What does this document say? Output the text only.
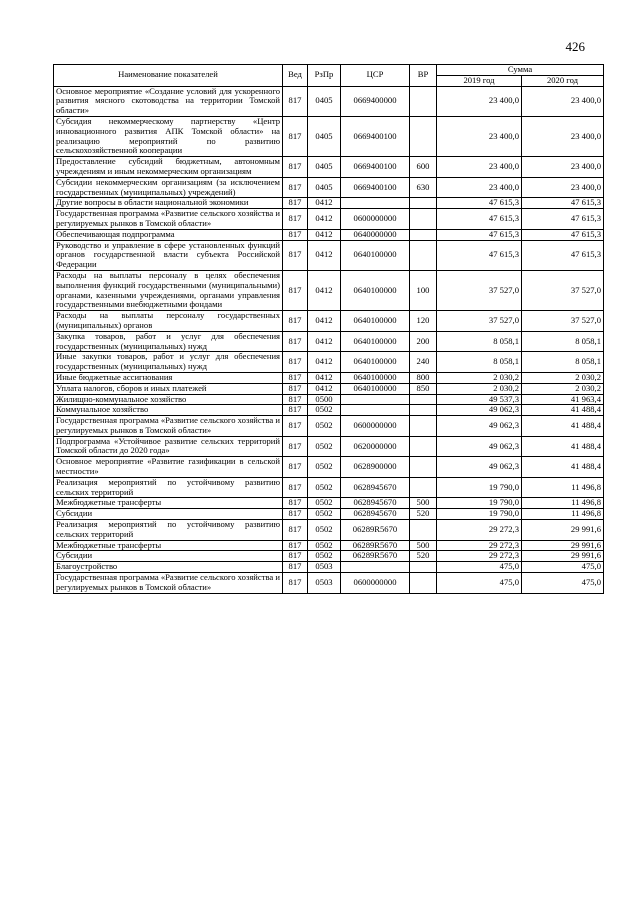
426
Наименование показателей	Вед	РзПр	ЦСР	ВР	Сумма	
					2019 год	2020 год
Основное мероприятие «Создание условий для ускоренного развития мясного скотоводства на территории Томской области»	817	0405	0669400000		23 400,0	23 400,0
Субсидия некоммерческому партнерству «Центр инновационного развития АПК Томской области» на реализацию мероприятий по развитию сельскохозяйственной кооперации	817	0405	0669400100		23 400,0	23 400,0
Предоставление субсидий бюджетным, автономным учреждениям и иным некоммерческим организациям	817	0405	0669400100	600	23 400,0	23 400,0
Субсидии некоммерческим организациям (за исключением государственных (муниципальных) учреждений)	817	0405	0669400100	630	23 400,0	23 400,0
Другие вопросы в области национальной экономики	817	0412			47 615,3	47 615,3
Государственная программа «Развитие сельского хозяйства и регулируемых рынков в Томской области»	817	0412	0600000000		47 615,3	47 615,3
Обеспечивающая подпрограмма	817	0412	0640000000		47 615,3	47 615,3
Руководство и управление в сфере установленных функций органов государственной власти субъекта Российской Федерации	817	0412	0640100000		47 615,3	47 615,3
Расходы на выплаты персоналу в целях обеспечения выполнения функций государственными (муниципальными) органами, казенными учреждениями, органами управления государственными внебюджетными фондами	817	0412	0640100000	100	37 527,0	37 527,0
Расходы на выплаты персоналу государственных (муниципальных) органов	817	0412	0640100000	120	37 527,0	37 527,0
Закупка товаров, работ и услуг для обеспечения государственных (муниципальных) нужд	817	0412	0640100000	200	8 058,1	8 058,1
Иные закупки товаров, работ и услуг для обеспечения государственных (муниципальных) нужд	817	0412	0640100000	240	8 058,1	8 058,1
Иные бюджетные ассигнования	817	0412	0640100000	800	2 030,2	2 030,2
Уплата налогов, сборов и иных платежей	817	0412	0640100000	850	2 030,2	2 030,2
Жилищно-коммунальное хозяйство	817	0500			49 537,3	41 963,4
Коммунальное хозяйство	817	0502			49 062,3	41 488,4
Государственная программа «Развитие сельского хозяйства и регулируемых рынков в Томской области»	817	0502	0600000000		49 062,3	41 488,4
Подпрограмма «Устойчивое развитие сельских территорий Томской области до 2020 года»	817	0502	0620000000		49 062,3	41 488,4
Основное мероприятие «Развитие газификации в сельской местности»	817	0502	0628900000		49 062,3	41 488,4
Реализация мероприятий по устойчивому развитию сельских территорий	817	0502	0628945670		19 790,0	11 496,8
Межбюджетные трансферты	817	0502	0628945670	500	19 790,0	11 496,8
Субсидии	817	0502	0628945670	520	19 790,0	11 496,8
Реализация мероприятий по устойчивому развитию сельских территорий	817	0502	06289R5670		29 272,3	29 991,6
Межбюджетные трансферты	817	0502	06289R5670	500	29 272,3	29 991,6
Субсидии	817	0502	06289R5670	520	29 272,3	29 991,6
Благоустройство	817	0503			475,0	475,0
Государственная программа «Развитие сельского хозяйства и регулируемых рынков в Томской области»	817	0503	0600000000		475,0	475,0
